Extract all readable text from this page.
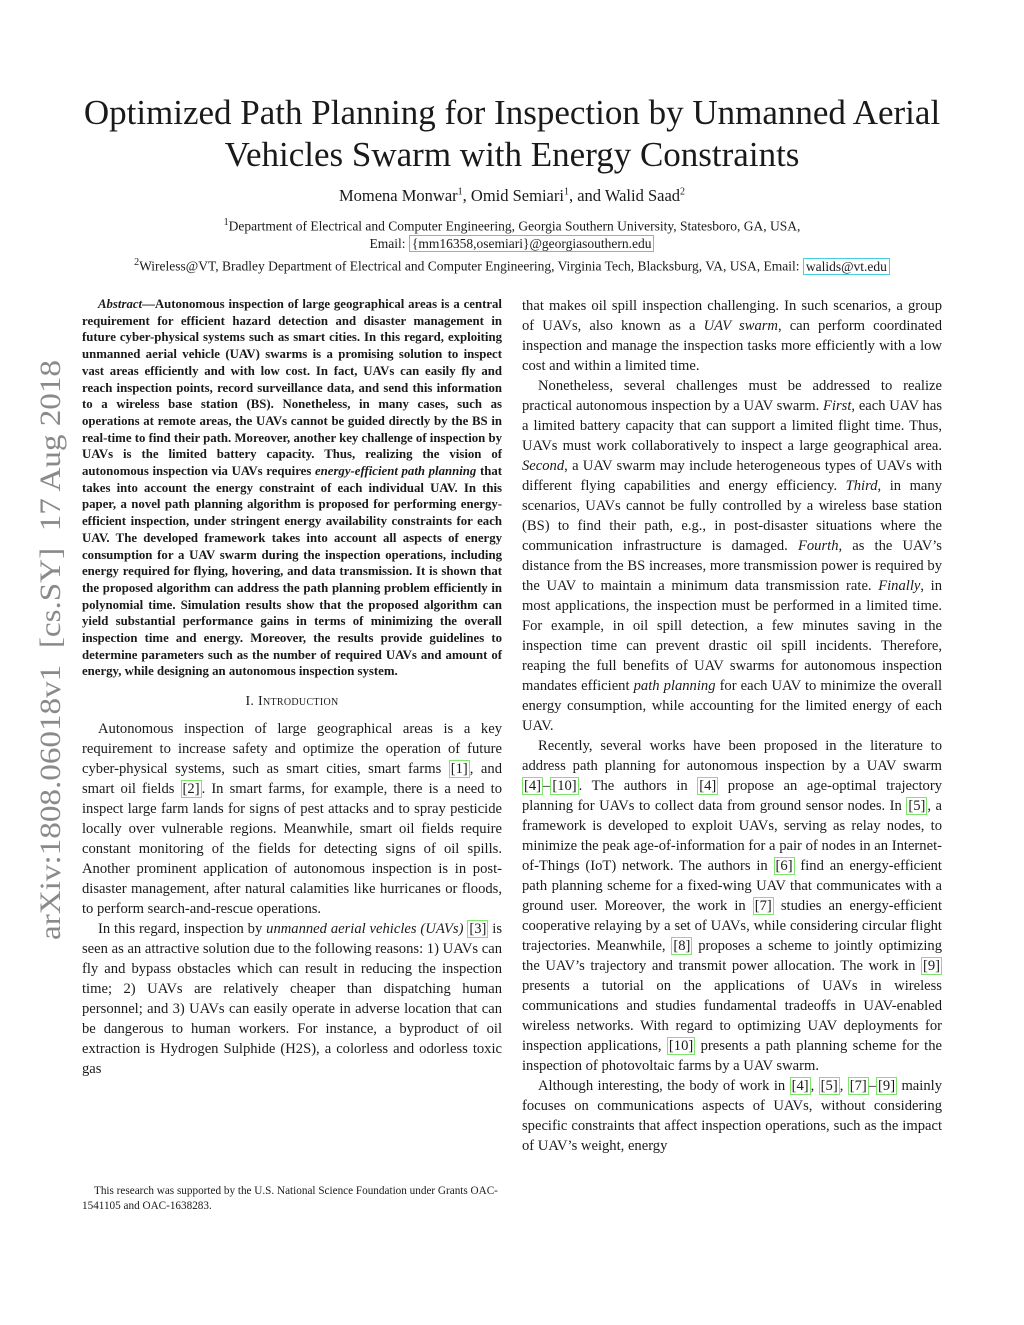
arXiv:1808.06018v1  [cs.SY]  17 Aug 2018
Optimized Path Planning for Inspection by Unmanned Aerial Vehicles Swarm with Energy Constraints
Momena Monwar$^1$, Omid Semiari$^1$, and Walid Saad$^2$
$^1$Department of Electrical and Computer Engineering, Georgia Southern University, Statesboro, GA, USA,
Email: {mm16358,osemiari}@georgiasouthern.edu
$^2$Wireless@VT, Bradley Department of Electrical and Computer Engineering, Virginia Tech, Blacksburg, VA, USA, Email: walids@vt.edu

Abstract—Autonomous inspection of large geographical areas is a central requirement for efficient hazard detection and disaster management in future cyber-physical systems such as smart cities. In this regard, exploiting unmanned aerial vehicle (UAV) swarms is a promising solution to inspect vast areas efficiently and with low cost. In fact, UAVs can easily fly and reach inspection points, record surveillance data, and send this information to a wireless base station (BS). Nonetheless, in many cases, such as operations at remote areas, the UAVs cannot be guided directly by the BS in real-time to find their path. Moreover, another key challenge of inspection by UAVs is the limited battery capacity. Thus, realizing the vision of autonomous inspection via UAVs requires energy-efficient path planning that takes into account the energy constraint of each individual UAV. In this paper, a novel path planning algorithm is proposed for performing energy-efficient inspection, under stringent energy availability constraints for each UAV. The developed framework takes into account all aspects of energy consumption for a UAV swarm during the inspection operations, including energy required for flying, hovering, and data transmission. It is shown that the proposed algorithm can address the path planning problem efficiently in polynomial time. Simulation results show that the proposed algorithm can yield substantial performance gains in terms of minimizing the overall inspection time and energy. Moreover, the results provide guidelines to determine parameters such as the number of required UAVs and amount of energy, while designing an autonomous inspection system.

I. Introduction

Autonomous inspection of large geographical areas is a key requirement to increase safety and optimize the operation of future cyber-physical systems, such as smart cities, smart farms [1] , and smart oil fields [2] . In smart farms, for example, there is a need to inspect large farm lands for signs of pest attacks and to spray pesticide locally over vulnerable regions. Meanwhile, smart oil fields require constant monitoring of the fields for detecting signs of oil spills. Another prominent application of autonomous inspection is in post-disaster management, after natural calamities like hurricanes or floods, to perform search-and-rescue operations.

In this regard, inspection by unmanned aerial vehicles (UAVs) [3] is seen as an attractive solution due to the following reasons: 1) UAVs can fly and bypass obstacles which can result in reducing the inspection time; 2) UAVs are relatively cheaper than dispatching human personnel; and 3) UAVs can easily operate in adverse location that can be dangerous to human workers. For instance, a byproduct of oil extraction is Hydrogen Sulphide (H2S), a colorless and odorless toxic gas

This research was supported by the U.S. National Science Foundation under Grants OAC-1541105 and OAC-1638283.

that makes oil spill inspection challenging. In such scenarios, a group of UAVs, also known as a UAV swarm, can perform coordinated inspection and manage the inspection tasks more efficiently with a low cost and within a limited time.

Nonetheless, several challenges must be addressed to realize practical autonomous inspection by a UAV swarm. First, each UAV has a limited battery capacity that can support a limited flight time. Thus, UAVs must work collaboratively to inspect a large geographical area. Second, a UAV swarm may include heterogeneous types of UAVs with different flying capabilities and energy efficiency. Third, in many scenarios, UAVs cannot be fully controlled by a wireless base station (BS) to find their path, e.g., in post-disaster situations where the communication infrastructure is damaged. Fourth, as the UAV’s distance from the BS increases, more transmission power is required by the UAV to maintain a minimum data transmission rate. Finally, in most applications, the inspection must be performed in a limited time. For example, in oil spill detection, a few minutes saving in the inspection time can prevent drastic oil spill incidents. Therefore, reaping the full benefits of UAV swarms for autonomous inspection mandates efficient path planning for each UAV to minimize the overall energy consumption, while accounting for the limited energy of each UAV.

Recently, several works have been proposed in the literature to address path planning for autonomous inspection by a UAV swarm [4] – [10] . The authors in [4] propose an age-optimal trajectory planning for UAVs to collect data from ground sensor nodes. In [5] , a framework is developed to exploit UAVs, serving as relay nodes, to minimize the peak age-of-information for a pair of nodes in an Internet-of-Things (IoT) network. The authors in [6] find an energy-efficient path planning scheme for a fixed-wing UAV that communicates with a ground user. Moreover, the work in [7] studies an energy-efficient cooperative relaying by a set of UAVs, while considering circular flight trajectories. Meanwhile, [8] proposes a scheme to jointly optimizing the UAV’s trajectory and transmit power allocation. The work in [9] presents a tutorial on the applications of UAVs in wireless communications and studies fundamental tradeoffs in UAV-enabled wireless networks. With regard to optimizing UAV deployments for inspection applications, [10] presents a path planning scheme for the inspection of photovoltaic farms by a UAV swarm.

Although interesting, the body of work in [4] , [5] , [7] – [9] mainly focuses on communications aspects of UAVs, without considering specific constraints that affect inspection operations, such as the impact of UAV’s weight, energy
